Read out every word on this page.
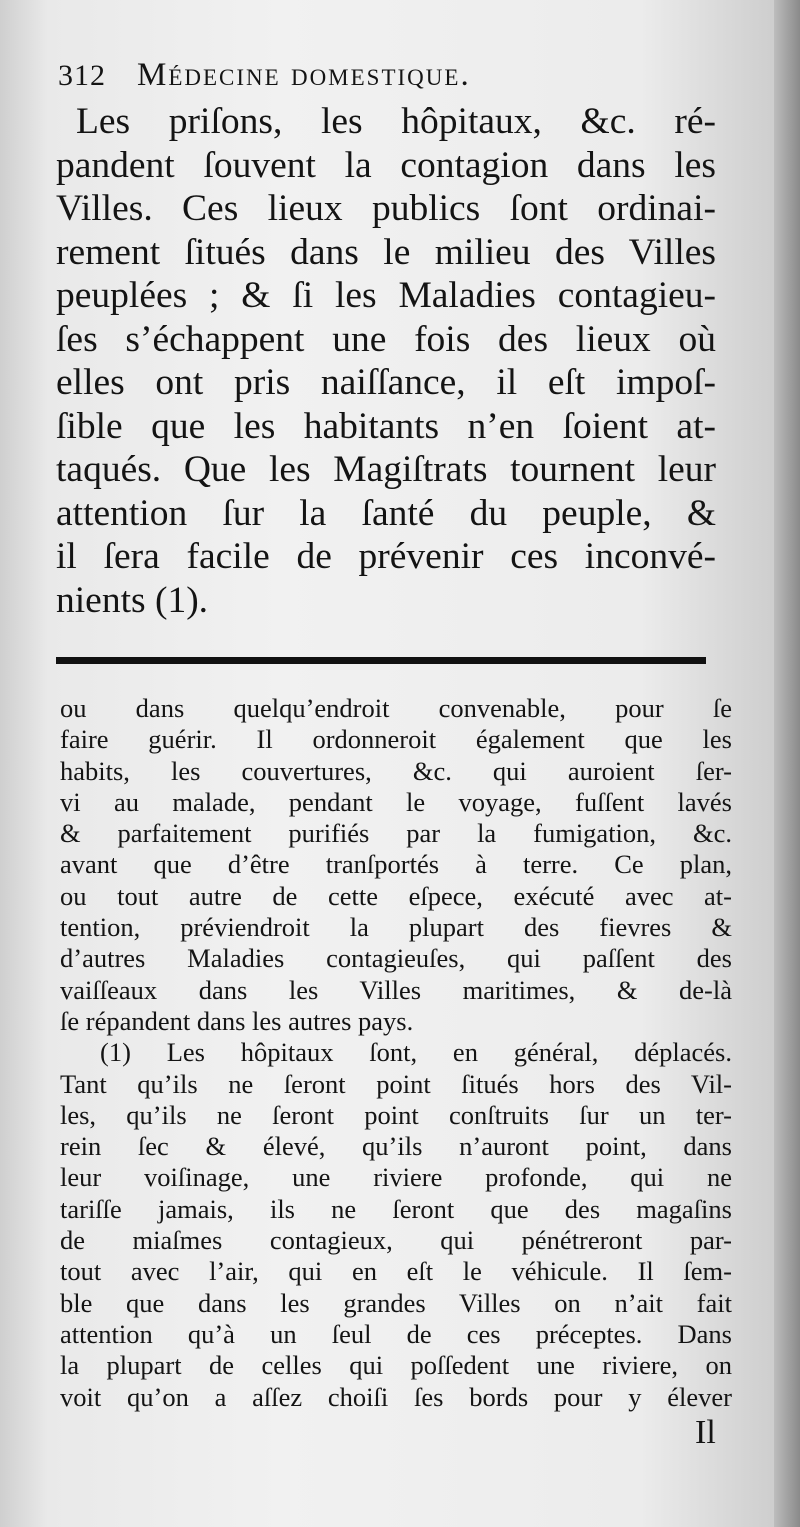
312 Médecine domestique.
Les priſons, les hôpitaux, &c. ré-
pandent ſouvent la contagion dans les
Villes. Ces lieux publics ſont ordinai-
rement ſitués dans le milieu des Villes
peuplées ; & ſi les Maladies contagieu-
ſes s’échappent une fois des lieux où
elles ont pris naiſſance, il eſt impoſ-
ſible que les habitants n’en ſoient at-
taqués. Que les Magiſtrats tournent leur
attention ſur la ſanté du peuple, &
il ſera facile de prévenir ces inconvé-
nients (1).
ou dans quelqu’endroit convenable, pour ſe
faire guérir. Il ordonneroit également que les
habits, les couvertures, &c. qui auroient ſer-
vi au malade, pendant le voyage, fuſſent lavés
& parfaitement purifiés par la fumigation, &c.
avant que d’être tranſportés à terre. Ce plan,
ou tout autre de cette eſpece, exécuté avec at-
tention, préviendroit la plupart des fievres &
d’autres Maladies contagieuſes, qui paſſent des
vaiſſeaux dans les Villes maritimes, & de-là
ſe répandent dans les autres pays.
(1) Les hôpitaux ſont, en général, déplacés.
Tant qu’ils ne ſeront point ſitués hors des Vil-
les, qu’ils ne ſeront point conſtruits ſur un ter-
rein ſec & élevé, qu’ils n’auront point, dans
leur voiſinage, une riviere profonde, qui ne
tariſſe jamais, ils ne ſeront que des magaſins
de miaſmes contagieux, qui pénétreront par-
tout avec l’air, qui en eſt le véhicule. Il ſem-
ble que dans les grandes Villes on n’ait fait
attention qu’à un ſeul de ces préceptes. Dans
la plupart de celles qui poſſedent une riviere, on
voit qu’on a aſſez choiſi ſes bords pour y élever
Il
